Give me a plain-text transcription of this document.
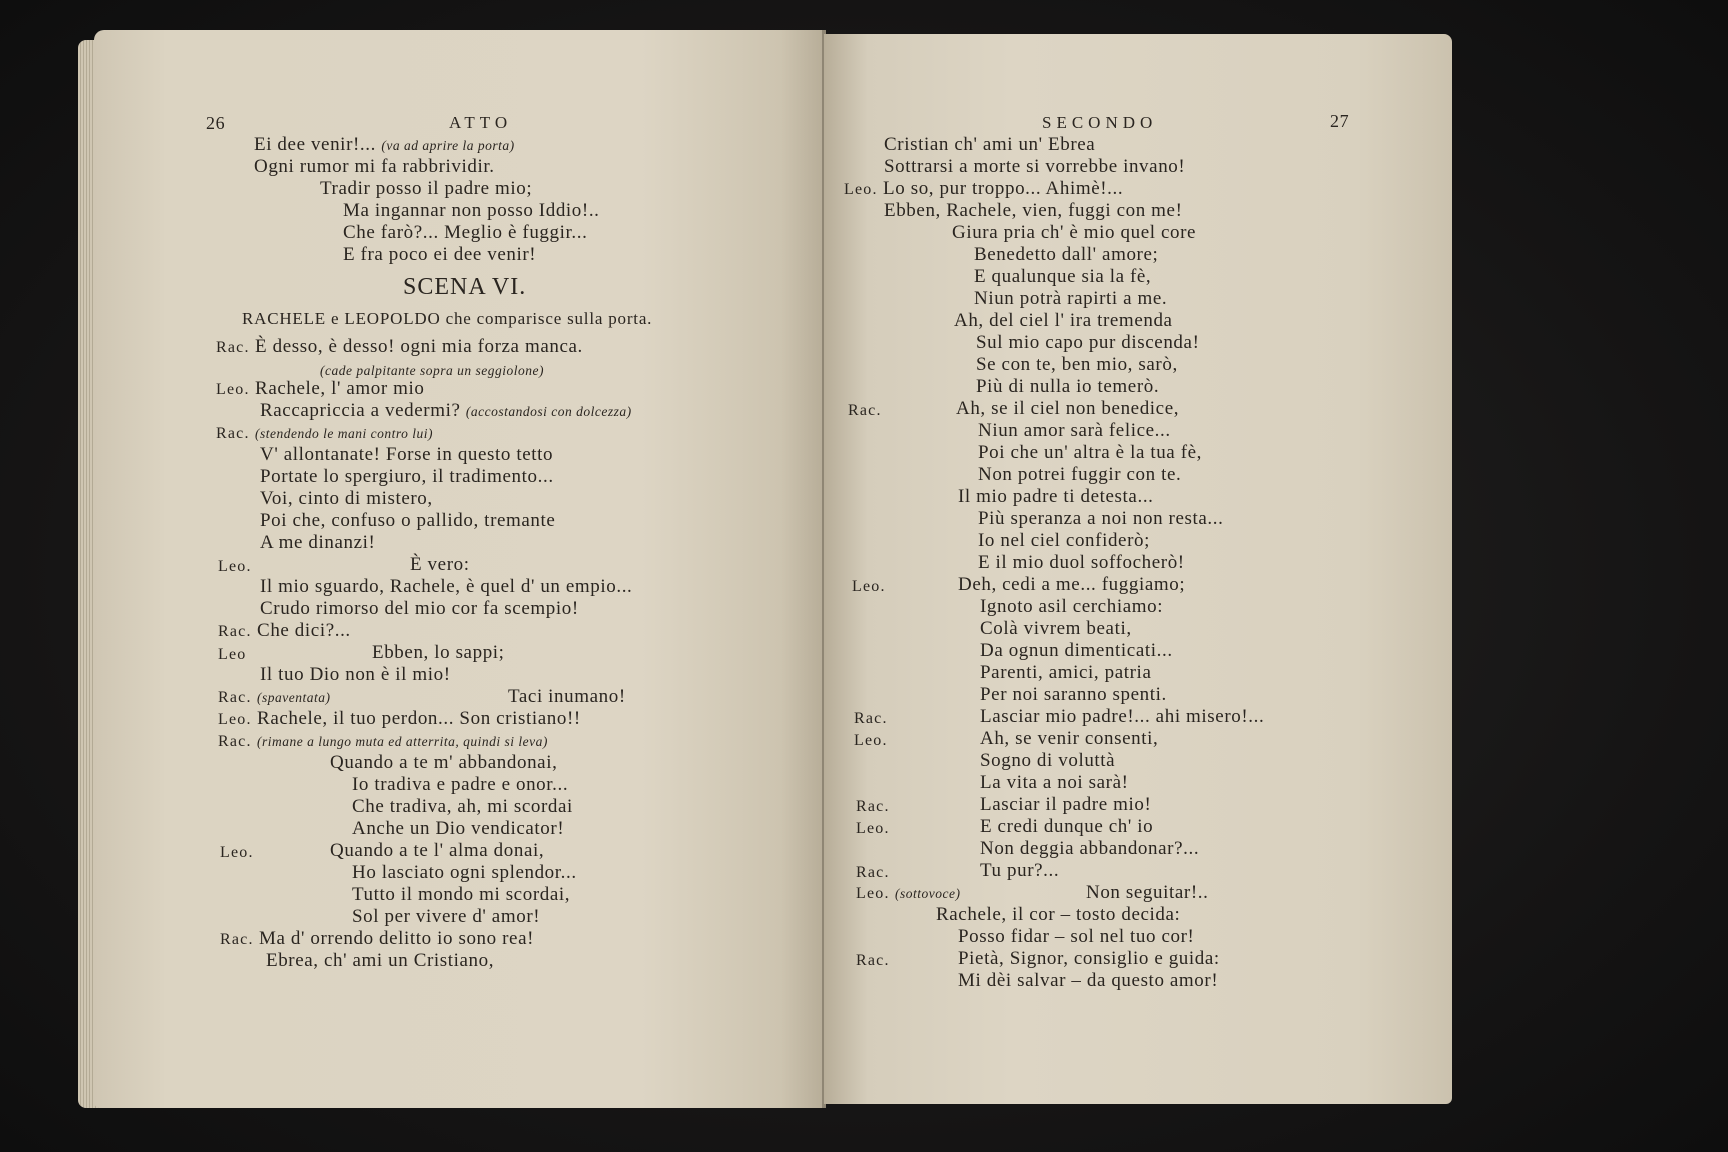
26	ATTO
Ei dee venir!... (va ad aprire la porta)
Ogni rumor mi fa rabbrividir.
Tradir posso il padre mio;
Ma ingannar non posso Iddio!..
Che farò?... Meglio è fuggir...
E fra poco ei dee venir!
SCENA VI.
RACHELE e LEOPOLDO che comparisce sulla porta.
Rac. È desso, è desso! ogni mia forza manca.
(cade palpitante sopra un seggiolone)
Leo. Rachele, l' amor mio
Raccapriccia a vedermi? (accostandosi con dolcezza)
Rac. (stendendo le mani contro lui)
V' allontanate! Forse in questo tetto
Portate lo spergiuro, il tradimento...
Voi, cinto di mistero,
Poi che, confuso o pallido, tremante
A me dinanzi!
Leo.	È vero:
Il mio sguardo, Rachele, è quel d' un empio...
Crudo rimorso del mio cor fa scempio!
Rac. Che dici?...
Leo	Ebben, lo sappi;
Il tuo Dio non è il mio!
Rac. (spaventata)	Taci inumano!
Leo. Rachele, il tuo perdon... Son cristiano!!
Rac. (rimane a lungo muta ed atterrita, quindi si leva)
Quando a te m' abbandonai,
Io tradiva e padre e onor...
Che tradiva, ah, mi scordai
Anche un Dio vendicator!
Leo.	Quando a te l' alma donai,
Ho lasciato ogni splendor...
Tutto il mondo mi scordai,
Sol per vivere d' amor!
Rac. Ma d' orrendo delitto io sono rea!
Ebrea, ch' ami un Cristiano,
SECONDO	27
Cristian ch' ami un' Ebrea
Sottrarsi a morte si vorrebbe invano!
Leo. Lo so, pur troppo... Ahimè!...
Ebben, Rachele, vien, fuggi con me!
Giura pria ch' è mio quel core
Benedetto dall' amore;
E qualunque sia la fè,
Niun potrà rapirti a me.
Ah, del ciel l' ira tremenda
Sul mio capo pur discenda!
Se con te, ben mio, sarò,
Più di nulla io temerò.
Rac.	Ah, se il ciel non benedice,
Niun amor sarà felice...
Poi che un' altra è la tua fè,
Non potrei fuggir con te.
Il mio padre ti detesta...
Più speranza a noi non resta...
Io nel ciel confiderò;
E il mio duol soffocherò!
Leo.	Deh, cedi a me... fuggiamo;
Ignoto asil cerchiamo:
Colà vivrem beati,
Da ognun dimenticati...
Parenti, amici, patria
Per noi saranno spenti.
Rac.	Lasciar mio padre!... ahi misero!...
Leo.	Ah, se venir consenti,
Sogno di voluttà
La vita a noi sarà!
Rac.	Lasciar il padre mio!
Leo.	E credi dunque ch' io
Non deggia abbandonar?...
Rac.	Tu pur?...
Leo. (sottovoce)	Non seguitar!..
Rachele, il cor – tosto decida:
Posso fidar – sol nel tuo cor!
Rac.	Pietà, Signor, consiglio e guida:
Mi dèi salvar – da questo amor!
